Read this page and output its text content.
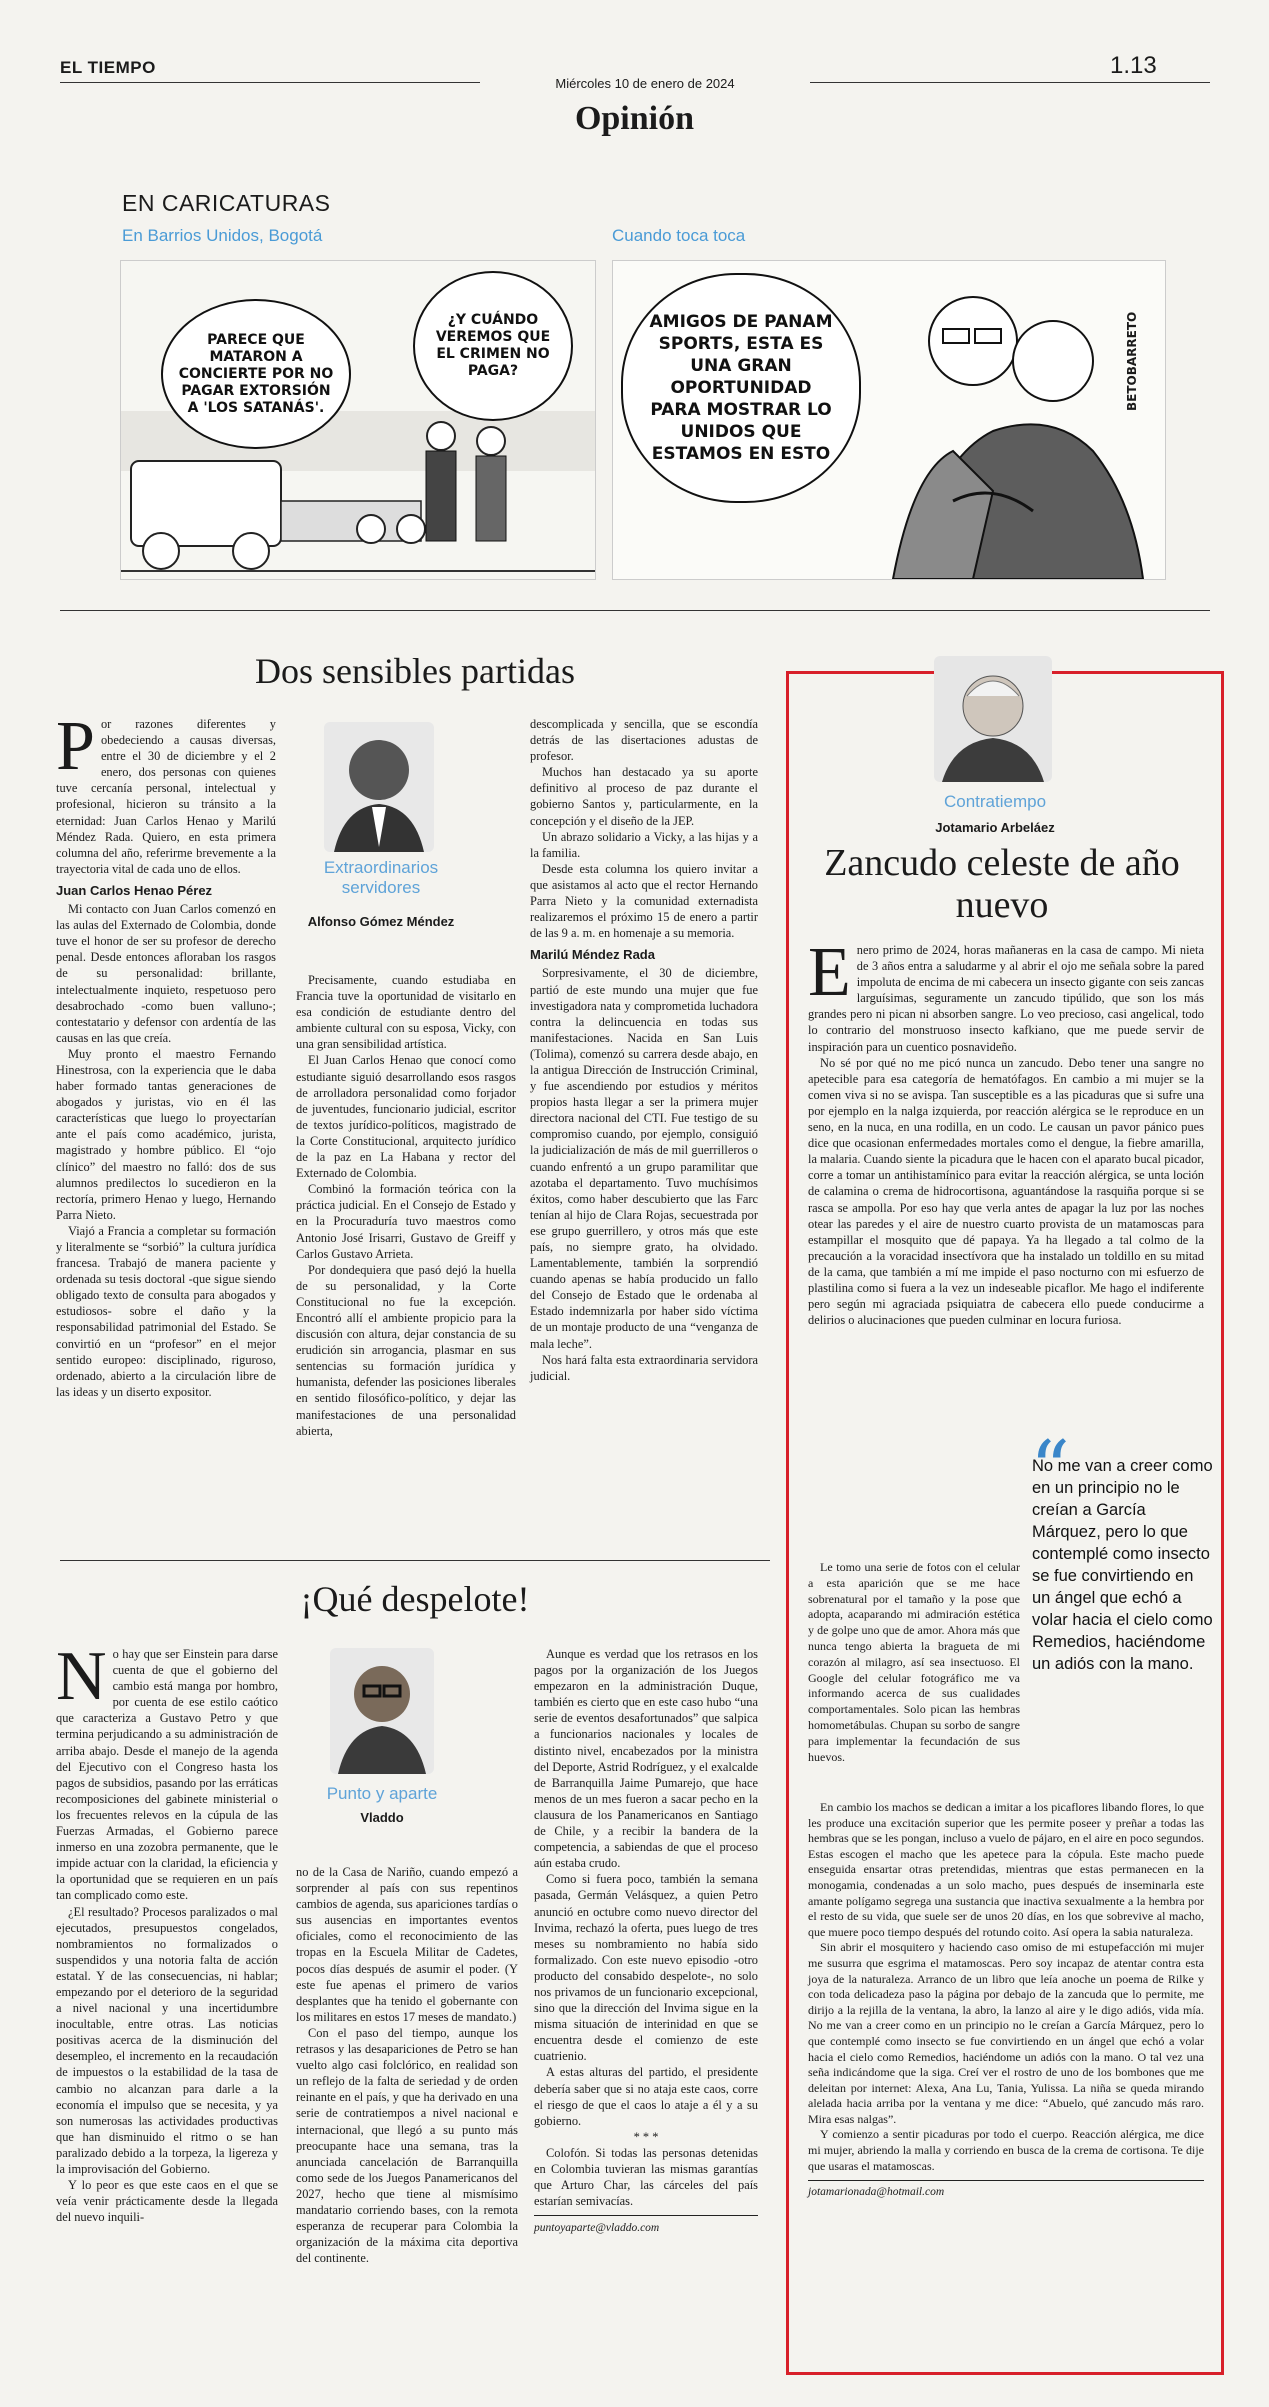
EL TIEMPO
Miércoles 10 de enero de 2024
1.13
Opinión
EN CARICATURAS
En Barrios Unidos, Bogotá	Cuando toca toca
PARECE QUE MATARON A CONCIERTE POR NO PAGAR EXTORSIÓN A 'LOS SATANÁS'.
¿Y CUÁNDO VEREMOS QUE EL CRIMEN NO PAGA?
AMIGOS DE PANAM SPORTS, ESTA ES UNA GRAN OPORTUNIDAD PARA MOSTRAR LO UNIDOS QUE ESTAMOS EN ESTO
BETOBARRETO
Dos sensibles partidas

Por razones diferentes y obedeciendo a causas diversas, entre el 30 de diciembre y el 2 enero, dos personas con quienes tuve cercanía personal, intelectual y profesional, hicieron su tránsito a la eternidad: Juan Carlos Henao y Marilú Méndez Rada. Quiero, en esta primera columna del año, referirme brevemente a la trayectoria vital de cada uno de ellos.

Juan Carlos Henao Pérez

Mi contacto con Juan Carlos comenzó en las aulas del Externado de Colombia, donde tuve el honor de ser su profesor de derecho penal. Desde entonces afloraban los rasgos de su personalidad: brillante, intelectualmente inquieto, respetuoso pero desabrochado -como buen valluno-; contestatario y defensor con ardentía de las causas en las que creía.

Muy pronto el maestro Fernando Hinestrosa, con la experiencia que le daba haber formado tantas generaciones de abogados y juristas, vio en él las características que luego lo proyectarían ante el país como académico, jurista, magistrado y hombre público. El “ojo clínico” del maestro no falló: dos de sus alumnos predilectos lo sucedieron en la rectoría, primero Henao y luego, Hernando Parra Nieto.

Viajó a Francia a completar su formación y literalmente se “sorbió” la cultura jurídica francesa. Trabajó de manera paciente y ordenada su tesis doctoral -que sigue siendo obligado texto de consulta para abogados y estudiosos- sobre el daño y la responsabilidad patrimonial del Estado. Se convirtió en un “profesor” en el mejor sentido europeo: disciplinado, riguroso, ordenado, abierto a la circulación libre de las ideas y un diserto expositor.

Extraordinarios servidores
Alfonso Gómez Méndez

Precisamente, cuando estudiaba en Francia tuve la oportunidad de visitarlo en esa condición de estudiante dentro del ambiente cultural con su esposa, Vicky, con una gran sensibilidad artística.

El Juan Carlos Henao que conocí como estudiante siguió desarrollando esos rasgos de arrolladora personalidad como forjador de juventudes, funcionario judicial, escritor de textos jurídico-políticos, magistrado de la Corte Constitucional, arquitecto jurídico de la paz en La Habana y rector del Externado de Colombia.

Combinó la formación teórica con la práctica judicial. En el Consejo de Estado y en la Procuraduría tuvo maestros como Antonio José Irisarri, Gustavo de Greiff y Carlos Gustavo Arrieta.

Por dondequiera que pasó dejó la huella de su personalidad, y la Corte Constitucional no fue la excepción. Encontró allí el ambiente propicio para la discusión con altura, dejar constancia de su erudición sin arrogancia, plasmar en sus sentencias su formación jurídica y humanista, defender las posiciones liberales en sentido filosófico-político, y dejar las manifestaciones de una personalidad abierta,

descomplicada y sencilla, que se escondía detrás de las disertaciones adustas de profesor.

Muchos han destacado ya su aporte definitivo al proceso de paz durante el gobierno Santos y, particularmente, en la concepción y el diseño de la JEP.

Un abrazo solidario a Vicky, a las hijas y a la familia.

Desde esta columna los quiero invitar a que asistamos al acto que el rector Hernando Parra Nieto y la comunidad externadista realizaremos el próximo 15 de enero a partir de las 9 a. m. en homenaje a su memoria.

Marilú Méndez Rada

Sorpresivamente, el 30 de diciembre, partió de este mundo una mujer que fue investigadora nata y comprometida luchadora contra la delincuencia en todas sus manifestaciones. Nacida en San Luis (Tolima), comenzó su carrera desde abajo, en la antigua Dirección de Instrucción Criminal, y fue ascendiendo por estudios y méritos propios hasta llegar a ser la primera mujer directora nacional del CTI. Fue testigo de su compromiso cuando, por ejemplo, consiguió la judicialización de más de mil guerrilleros o cuando enfrentó a un grupo paramilitar que azotaba el departamento. Tuvo muchísimos éxitos, como haber descubierto que las Farc tenían al hijo de Clara Rojas, secuestrada por ese grupo guerrillero, y otros más que este país, no siempre grato, ha olvidado. Lamentablemente, también la sorprendió cuando apenas se había producido un fallo del Consejo de Estado que le ordenaba al Estado indemnizarla por haber sido víctima de un montaje producto de una “venganza de mala leche”.

Nos hará falta esta extraordinaria servidora judicial.

¡Qué despelote!

No hay que ser Einstein para darse cuenta de que el gobierno del cambio está manga por hombro, por cuenta de ese estilo caótico que caracteriza a Gustavo Petro y que termina perjudicando a su administración de arriba abajo. Desde el manejo de la agenda del Ejecutivo con el Congreso hasta los pagos de subsidios, pasando por las erráticas recomposiciones del gabinete ministerial o los frecuentes relevos en la cúpula de las Fuerzas Armadas, el Gobierno parece inmerso en una zozobra permanente, que le impide actuar con la claridad, la eficiencia y la oportunidad que se requieren en un país tan complicado como este.

¿El resultado? Procesos paralizados o mal ejecutados, presupuestos congelados, nombramientos no formalizados o suspendidos y una notoria falta de acción estatal. Y de las consecuencias, ni hablar; empezando por el deterioro de la seguridad a nivel nacional y una incertidumbre inocultable, entre otras. Las noticias positivas acerca de la disminución del desempleo, el incremento en la recaudación de impuestos o la estabilidad de la tasa de cambio no alcanzan para darle a la economía el impulso que se necesita, y ya son numerosas las actividades productivas que han disminuido el ritmo o se han paralizado debido a la torpeza, la ligereza y la improvisación del Gobierno.

Y lo peor es que este caos en el que se veía venir prácticamente desde la llegada del nuevo inquili-

Punto y aparte
Vladdo

no de la Casa de Nariño, cuando empezó a sorprender al país con sus repentinos cambios de agenda, sus apariciones tardías o sus ausencias en importantes eventos oficiales, como el reconocimiento de las tropas en la Escuela Militar de Cadetes, pocos días después de asumir el poder. (Y este fue apenas el primero de varios desplantes que ha tenido el gobernante con los militares en estos 17 meses de mandato.)

Con el paso del tiempo, aunque los retrasos y las desapariciones de Petro se han vuelto algo casi folclórico, en realidad son un reflejo de la falta de seriedad y de orden reinante en el país, y que ha derivado en una serie de contratiempos a nivel nacional e internacional, que llegó a su punto más preocupante hace una semana, tras la anunciada cancelación de Barranquilla como sede de los Juegos Panamericanos del 2027, hecho que tiene al mismísimo mandatario corriendo bases, con la remota esperanza de recuperar para Colombia la organización de la máxima cita deportiva del continente.

Aunque es verdad que los retrasos en los pagos por la organización de los Juegos empezaron en la administración Duque, también es cierto que en este caso hubo “una serie de eventos desafortunados” que salpica a funcionarios nacionales y locales de distinto nivel, encabezados por la ministra del Deporte, Astrid Rodríguez, y el exalcalde de Barranquilla Jaime Pumarejo, que hace menos de un mes fueron a sacar pecho en la clausura de los Panamericanos en Santiago de Chile, y a recibir la bandera de la competencia, a sabiendas de que el proceso aún estaba crudo.

Como si fuera poco, también la semana pasada, Germán Velásquez, a quien Petro anunció en octubre como nuevo director del Invima, rechazó la oferta, pues luego de tres meses su nombramiento no había sido formalizado. Con este nuevo episodio -otro producto del consabido despelote-, no solo nos privamos de un funcionario excepcional, sino que la dirección del Invima sigue en la misma situación de interinidad en que se encuentra desde el comienzo de este cuatrienio.

A estas alturas del partido, el presidente debería saber que si no ataja este caos, corre el riesgo de que el caos lo ataje a él y a su gobierno.

* * *

Colofón. Si todas las personas detenidas en Colombia tuvieran las mismas garantías que Arturo Char, las cárceles del país estarían semivacías.

puntoyaparte@vladdo.com

Contratiempo
Jotamario Arbeláez
Zancudo celeste de año nuevo

Enero primo de 2024, horas mañaneras en la casa de campo. Mi nieta de 3 años entra a saludarme y al abrir el ojo me señala sobre la pared impoluta de encima de mi cabecera un insecto gigante con seis zancas larguísimas, seguramente un zancudo tipúlido, que son los más grandes pero ni pican ni absorben sangre. Lo veo precioso, casi angelical, todo lo contrario del monstruoso insecto kafkiano, que me puede servir de inspiración para un cuentico posnavideño.

No sé por qué no me picó nunca un zancudo. Debo tener una sangre no apetecible para esa categoría de hematófagos. En cambio a mi mujer se la comen viva si no se avispa. Tan susceptible es a las picaduras que si sufre una por ejemplo en la nalga izquierda, por reacción alérgica se le reproduce en un seno, en la nuca, en una rodilla, en un codo. Le causan un pavor pánico pues dice que ocasionan enfermedades mortales como el dengue, la fiebre amarilla, la malaria. Cuando siente la picadura que le hacen con el aparato bucal picador, corre a tomar un antihistamínico para evitar la reacción alérgica, se unta loción de calamina o crema de hidrocortisona, aguantándose la rasquiña porque si se rasca se ampolla. Por eso hay que verla antes de apagar la luz por las noches otear las paredes y el aire de nuestro cuarto provista de un matamoscas para estampillar el mosquito que dé papaya. Ya ha llegado a tal colmo de la precaución a la voracidad insectívora que ha instalado un toldillo en su mitad de la cama, que también a mí me impide el paso nocturno con mi esfuerzo de plastilina como si fuera a la vez un indeseable picaflor. Me hago el indiferente pero según mi agraciada psiquiatra de cabecera ello puede conducirme a delirios o alucinaciones que pueden culminar en locura furiosa.

Le tomo una serie de fotos con el celular a esta aparición que se me hace sobrenatural por el tamaño y la pose que adopta, acaparando mi admiración estética y de golpe uno que de amor. Ahora más que nunca tengo abierta la bragueta de mi corazón al milagro, así sea insectuoso. El Google del celular fotográfico me va informando acerca de sus cualidades comportamentales. Solo pican las hembras homometábulas. Chupan su sorbo de sangre para implementar la fecundación de sus huevos.

“
No me van a creer como en un principio no le creían a García Márquez, pero lo que contemplé como insecto se fue convirtiendo en un ángel que echó a volar hacia el cielo como Remedios, haciéndome un adiós con la mano.

En cambio los machos se dedican a imitar a los picaflores libando flores, lo que les produce una excitación superior que les permite poseer y preñar a todas las hembras que se les pongan, incluso a vuelo de pájaro, en el aire en poco segundos. Estas escogen el macho que les apetece para la cópula. Este macho puede enseguida ensartar otras pretendidas, mientras que estas permanecen en la monogamia, condenadas a un solo macho, pues después de inseminarla este amante polígamo segrega una sustancia que inactiva sexualmente a la hembra por el resto de su vida, que suele ser de unos 20 días, en los que sobrevive al macho, que muere poco tiempo después del rotundo coito. Así opera la sabia naturaleza.

Sin abrir el mosquitero y haciendo caso omiso de mi estupefacción mi mujer me susurra que esgrima el matamoscas. Pero soy incapaz de atentar contra esta joya de la naturaleza. Arranco de un libro que leía anoche un poema de Rilke y con toda delicadeza paso la página por debajo de la zancuda que lo permite, me dirijo a la rejilla de la ventana, la abro, la lanzo al aire y le digo adiós, vida mía. No me van a creer como en un principio no le creían a García Márquez, pero lo que contemplé como insecto se fue convirtiendo en un ángel que echó a volar hacia el cielo como Remedios, haciéndome un adiós con la mano. O tal vez una seña indicándome que la siga. Creí ver el rostro de uno de los bombones que me deleitan por internet: Alexa, Ana Lu, Tania, Yulissa. La niña se queda mirando alelada hacia arriba por la ventana y me dice: “Abuelo, qué zancudo más raro. Mira esas nalgas”.

Y comienzo a sentir picaduras por todo el cuerpo. Reacción alérgica, me dice mi mujer, abriendo la malla y corriendo en busca de la crema de cortisona. Te dije que usaras el matamoscas.

jotamarionada@hotmail.com
